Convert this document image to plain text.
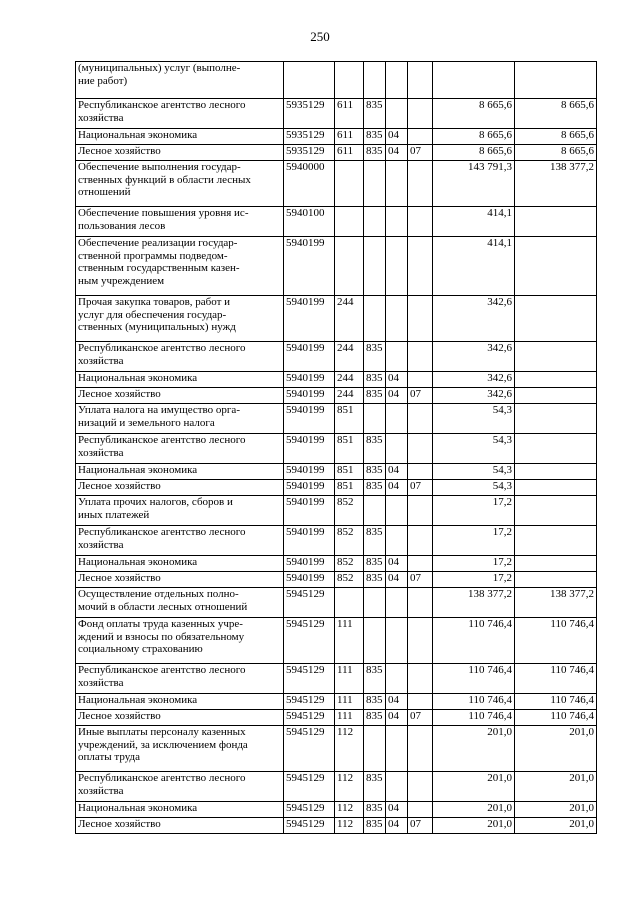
250
(муниципальных) услуг (выполне-
ние работ)							
Республиканское агентство лесного
хозяйства	5935129	611	835			8 665,6	8 665,6
Национальная экономика	5935129	611	835	04		8 665,6	8 665,6
Лесное хозяйство	5935129	611	835	04	07	8 665,6	8 665,6
Обеспечение выполнения государ-
ственных функций в области лесных
отношений	5940000					143 791,3	138 377,2
Обеспечение повышения уровня ис-
пользования лесов	5940100					414,1	
Обеспечение реализации государ-
ственной программы подведом-
ственным государственным казен-
ным учреждением	5940199					414,1	
Прочая закупка товаров, работ и
услуг для обеспечения государ-
ственных (муниципальных) нужд	5940199	244				342,6	
Республиканское агентство лесного
хозяйства	5940199	244	835			342,6	
Национальная экономика	5940199	244	835	04		342,6	
Лесное хозяйство	5940199	244	835	04	07	342,6	
Уплата налога на имущество орга-
низаций и земельного налога	5940199	851				54,3	
Республиканское агентство лесного
хозяйства	5940199	851	835			54,3	
Национальная экономика	5940199	851	835	04		54,3	
Лесное хозяйство	5940199	851	835	04	07	54,3	
Уплата прочих налогов, сборов и
иных платежей	5940199	852				17,2	
Республиканское агентство лесного
хозяйства	5940199	852	835			17,2	
Национальная экономика	5940199	852	835	04		17,2	
Лесное хозяйство	5940199	852	835	04	07	17,2	
Осуществление отдельных полно-
мочий в области лесных отношений	5945129					138 377,2	138 377,2
Фонд оплаты труда казенных учре-
ждений и взносы по обязательному
социальному страхованию	5945129	111				110 746,4	110 746,4
Республиканское агентство лесного
хозяйства	5945129	111	835			110 746,4	110 746,4
Национальная экономика	5945129	111	835	04		110 746,4	110 746,4
Лесное хозяйство	5945129	111	835	04	07	110 746,4	110 746,4
Иные выплаты персоналу казенных
учреждений, за исключением фонда
оплаты труда	5945129	112				201,0	201,0
Республиканское агентство лесного
хозяйства	5945129	112	835			201,0	201,0
Национальная экономика	5945129	112	835	04		201,0	201,0
Лесное хозяйство	5945129	112	835	04	07	201,0	201,0
